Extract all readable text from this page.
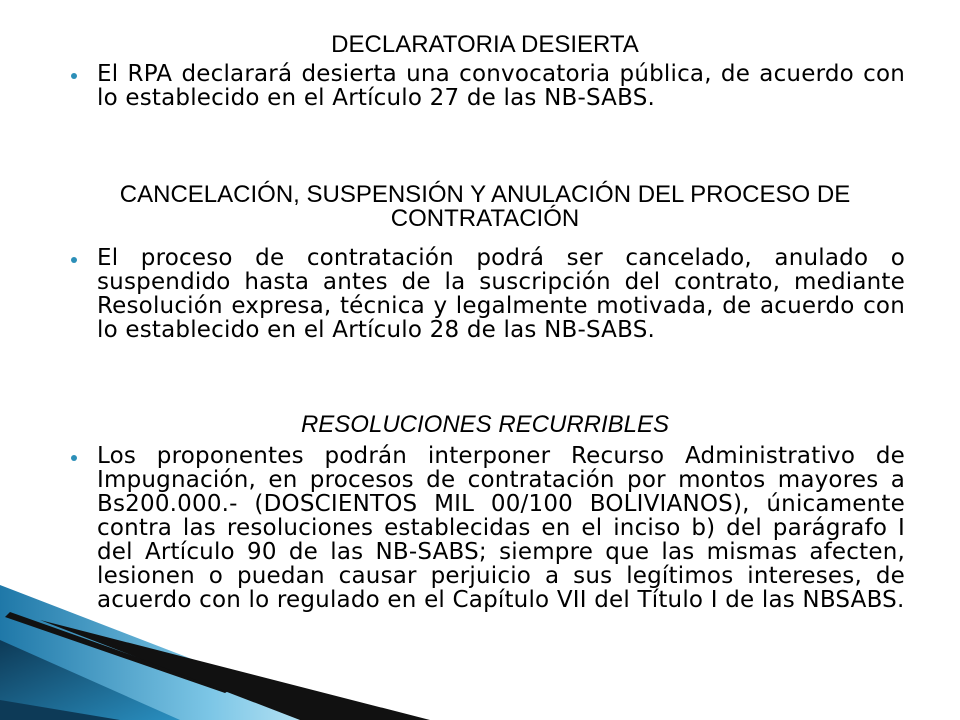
DECLARATORIA DESIERTA
El RPA declarará desierta una convocatoria pública, de acuerdo con lo establecido en el Artículo 27 de las NB-SABS.
CANCELACIÓN, SUSPENSIÓN Y ANULACIÓN DEL PROCESO DE CONTRATACIÓN
El proceso de contratación podrá ser cancelado, anulado o suspendido hasta antes de la suscripción del contrato, mediante Resolución expresa, técnica y legalmente motivada, de acuerdo con lo establecido en el Artículo 28 de las NB-SABS.
RESOLUCIONES RECURRIBLES
Los proponentes podrán interponer Recurso Administrativo de Impugnación, en procesos de contratación por montos mayores a Bs200.000.- (DOSCIENTOS MIL 00/100 BOLIVIANOS), únicamente contra las resoluciones establecidas en el inciso b) del parágrafo I del Artículo 90 de las NB-SABS; siempre que las mismas afecten, lesionen o puedan causar perjuicio a sus legítimos intereses, de acuerdo con lo regulado en el Capítulo VII del Título I de las NBSABS.
